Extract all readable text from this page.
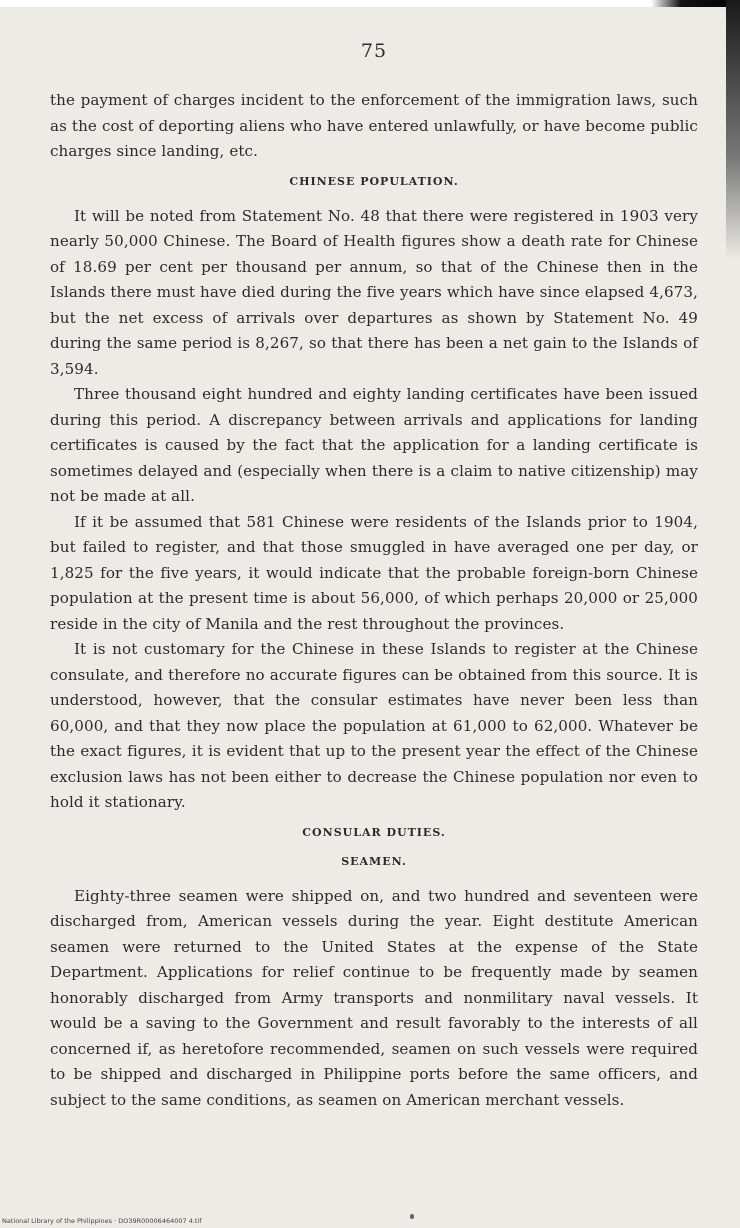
75

the payment of charges incident to the enforcement of the immigration laws, such as the cost of deporting aliens who have entered unlawfully, or have become public charges since landing, etc.

CHINESE POPULATION.

It will be noted from Statement No. 48 that there were registered in 1903 very nearly 50,000 Chinese. The Board of Health figures show a death rate for Chinese of 18.69 per cent per thousand per annum, so that of the Chinese then in the Islands there must have died during the five years which have since elapsed 4,673, but the net excess of arrivals over departures as shown by Statement No. 49 during the same period is 8,267, so that there has been a net gain to the Islands of 3,594.

Three thousand eight hundred and eighty landing certificates have been issued during this period. A discrepancy between arrivals and applications for landing certificates is caused by the fact that the application for a landing certificate is sometimes delayed and (especially when there is a claim to native citizenship) may not be made at all.

If it be assumed that 581 Chinese were residents of the Islands prior to 1904, but failed to register, and that those smuggled in have averaged one per day, or 1,825 for the five years, it would indicate that the probable foreign-born Chinese population at the present time is about 56,000, of which perhaps 20,000 or 25,000 reside in the city of Manila and the rest throughout the provinces.

It is not customary for the Chinese in these Islands to register at the Chinese consulate, and therefore no accurate figures can be obtained from this source. It is understood, however, that the consular estimates have never been less than 60,000, and that they now place the population at 61,000 to 62,000. Whatever be the exact figures, it is evident that up to the present year the effect of the Chinese exclusion laws has not been either to decrease the Chinese population nor even to hold it stationary.

CONSULAR DUTIES.
SEAMEN.

Eighty-three seamen were shipped on, and two hundred and seventeen were discharged from, American vessels during the year. Eight destitute American seamen were returned to the United States at the expense of the State Department. Applications for relief continue to be frequently made by seamen honorably discharged from Army transports and nonmilitary naval vessels. It would be a saving to the Government and result favorably to the interests of all concerned if, as heretofore recommended, seamen on such vessels were required to be shipped and discharged in Philippine ports before the same officers, and subject to the same conditions, as seamen on American merchant vessels.

National Library of the Philippines · DO39R00006464007 4.tif
